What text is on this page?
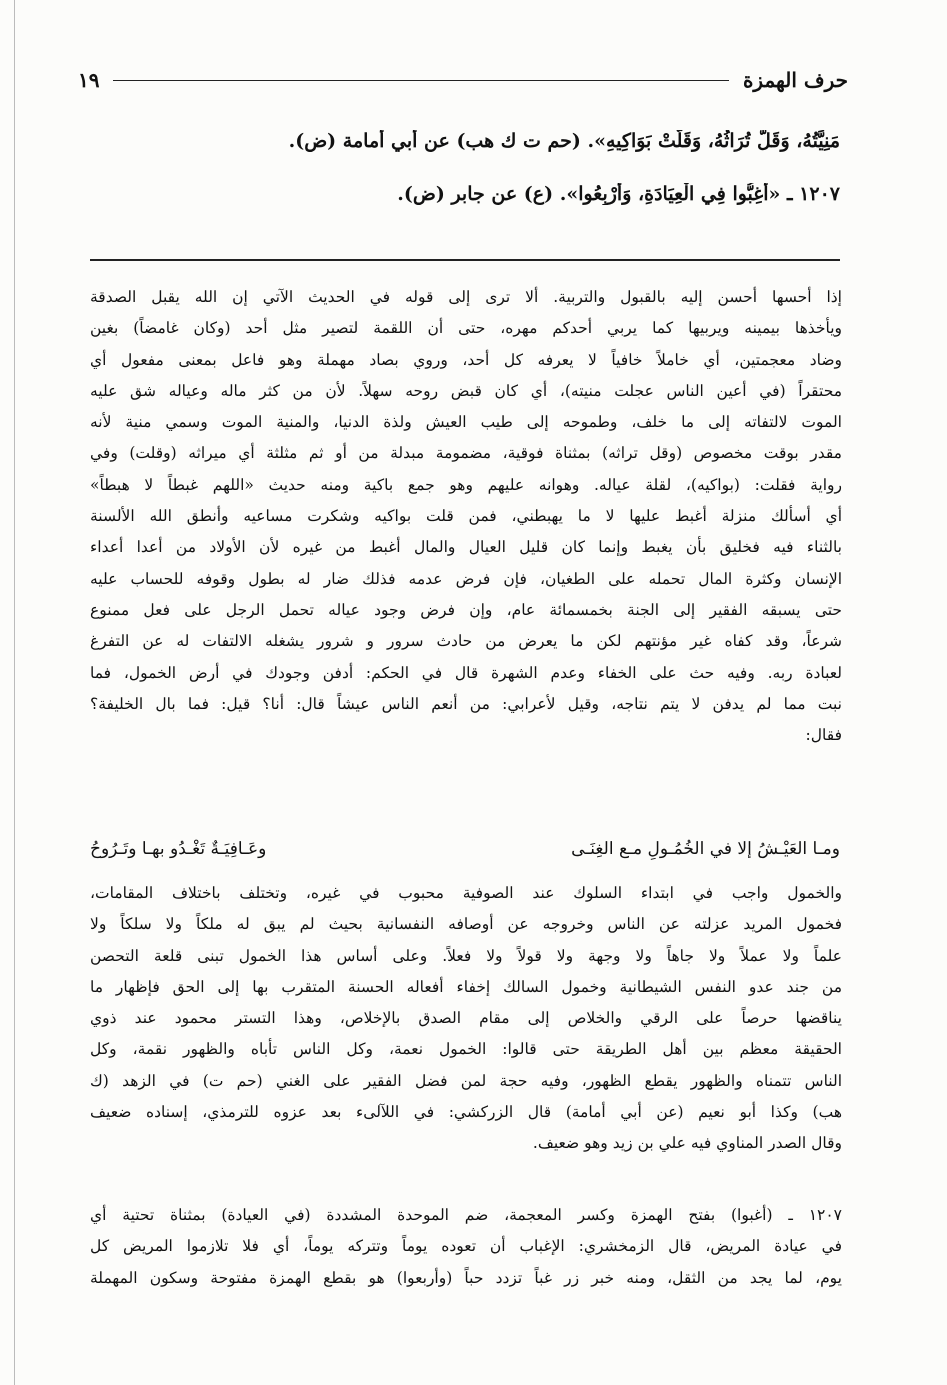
حرف الهمزة
١٩
مَنِيَّتُهُ، وَقَلَّ تُرَاثُهُ، وَقَلَّتْ بَوَاكِيهِ». (حم ت ك هب) عن أبي أمامة (ض).
١٢٠٧ ـ «أَغِبُّوا فِي الْعِيَادَةِ، وَأَرْبِعُوا». (ع) عن جابر (ض).
إذا أحسها أحسن إليه بالقبول والتربية. ألا ترى إلى قوله في الحديث الآتي إن الله يقبل الصدقة
ويأخذها بيمينه ويربيها كما يربي أحدكم مهره، حتى أن اللقمة لتصير مثل أحد (وكان غامضاً) بغين
وضاد معجمتين، أي خاملاً خافياً لا يعرفه كل أحد، وروي بصاد مهملة وهو فاعل بمعنى مفعول أي
محتقراً (في أعين الناس عجلت منيته)، أي كان قبض روحه سهلاً. لأن من كثر ماله وعياله شق عليه
الموت لالتفاته إلى ما خلف، وطموحه إلى طيب العيش ولذة الدنيا، والمنية الموت وسمي منية لأنه
مقدر بوقت مخصوص (وقل تراثه) بمثناة فوقية، مضمومة مبدلة من أو ثم مثلثة أي ميراثه (وقلت) وفي
رواية فقلت: (بواكيه)، لقلة عياله. وهوانه عليهم وهو جمع باكية ومنه حديث «اللهم غبطاً لا هبطاً»
أي أسألك منزلة أغبط عليها لا ما يهبطني، فمن قلت بواكيه وشكرت مساعيه وأنطق الله الألسنة
بالثناء فيه فخليق بأن يغبط وإنما كان قليل العيال والمال أغبط من غيره لأن الأولاد من أعدا أعداء
الإنسان وكثرة المال تحمله على الطغيان، فإن فرض عدمه فذلك ضار له بطول وقوفه للحساب عليه
حتى يسبقه الفقير إلى الجنة بخمسمائة عام، وإن فرض وجود عياله تحمل الرجل على فعل ممنوع
شرعاً، وقد كفاه غير مؤنتهم لكن ما يعرض من حادث سرور و شرور يشغله الالتفات له عن التفرغ
لعبادة ربه. وفيه حث على الخفاء وعدم الشهرة قال في الحكم: أدفن وجودك في أرض الخمول، فما
نبت مما لم يدفن لا يتم نتاجه، وقيل لأعرابي: من أنعم الناس عيشاً قال: أنا؟ قيل: فما بال الخليفة؟
فقال:
ومـا العَيْـشُ إلا في الخُمُـولِ مـع الغِنَـى
وعَـافِيَـةٌ تَغْـدُو بهـا وتَـرُوحُ
والخمول واجب في ابتداء السلوك عند الصوفية محبوب في غيره، وتختلف باختلاف المقامات،
فخمول المريد عزلته عن الناس وخروجه عن أوصافه النفسانية بحيث لم يبق له ملكاً ولا سلكاً ولا
علماً ولا عملاً ولا جاهاً ولا وجهة ولا قولاً ولا فعلاً. وعلى أساس هذا الخمول تبنى قلعة التحصن
من جند عدو النفس الشيطانية وخمول السالك إخفاء أفعاله الحسنة المتقرب بها إلى الحق فإظهار ما
يناقضها حرصاً على الرقي والخلاص إلى مقام الصدق بالإخلاص، وهذا التستر محمود عند ذوي
الحقيقة معظم بين أهل الطريقة حتى قالوا: الخمول نعمة، وكل الناس تأباه والظهور نقمة، وكل
الناس تتمناه والظهور يقطع الظهور، وفيه حجة لمن فضل الفقير على الغني (حم ت) في الزهد (ك
هب) وكذا أبو نعيم (عن أبي أمامة) قال الزركشي: في اللآلىء بعد عزوه للترمذي، إسناده ضعيف
وقال الصدر المناوي فيه علي بن زيد وهو ضعيف.
١٢٠٧ ـ (أغبوا) بفتح الهمزة وكسر المعجمة، ضم الموحدة المشددة (في العيادة) بمثناة تحتية أي
في عيادة المريض، قال الزمخشري: الإغباب أن تعوده يوماً وتتركه يوماً، أي فلا تلازموا المريض كل
يوم، لما يجد من الثقل، ومنه خبر زر غباً تزدد حباً (وأربعوا) هو بقطع الهمزة مفتوحة وسكون المهملة
